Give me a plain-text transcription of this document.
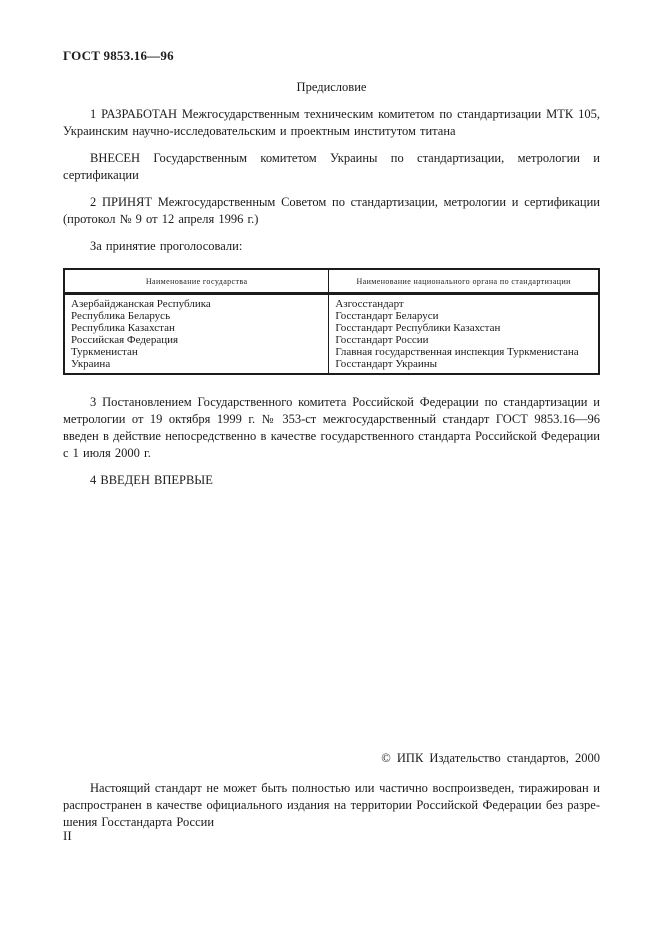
ГОСТ 9853.16—96
Предисловие

1 РАЗРАБОТАН Межгосударственным техническим комитетом по стандартизации МТК 105, Украинским научно-исследовательским и проектным институтом титана

ВНЕСЕН Государственным комитетом Украины по стандартизации, метрологии и сертификации

2 ПРИНЯТ Межгосударственным Советом по стандартизации, метрологии и сертификации (протокол № 9 от 12 апреля 1996 г.)

За принятие проголосовали:

Наименование государства	Наименование национального органа по стандартизации
Азербайджанская Республика	Азгосстандарт
Республика Беларусь	Госстандарт Беларуси
Республика Казахстан	Госстандарт Республики Казахстан
Российская Федерация	Госстандарт России
Туркменистан	Главная государственная инспекция Туркменистана
Украина	Госстандарт Украины

3 Постановлением Государственного комитета Российской Федерации по стандартизации и метрологии от 19 октября 1999 г. № 353-ст межгосударственный стандарт ГОСТ 9853.16—96 введен в действие непосредственно в качестве государственного стандарта Российской Федерации с 1 июля 2000 г.

4 ВВЕДЕН ВПЕРВЫЕ

© ИПК Издательство стандартов, 2000

Настоящий стандарт не может быть полностью или частично воспроизведен, тиражирован и
распространен в качестве официального издания на территории Российской Федерации без разре-
шения Госстандарта России

II
